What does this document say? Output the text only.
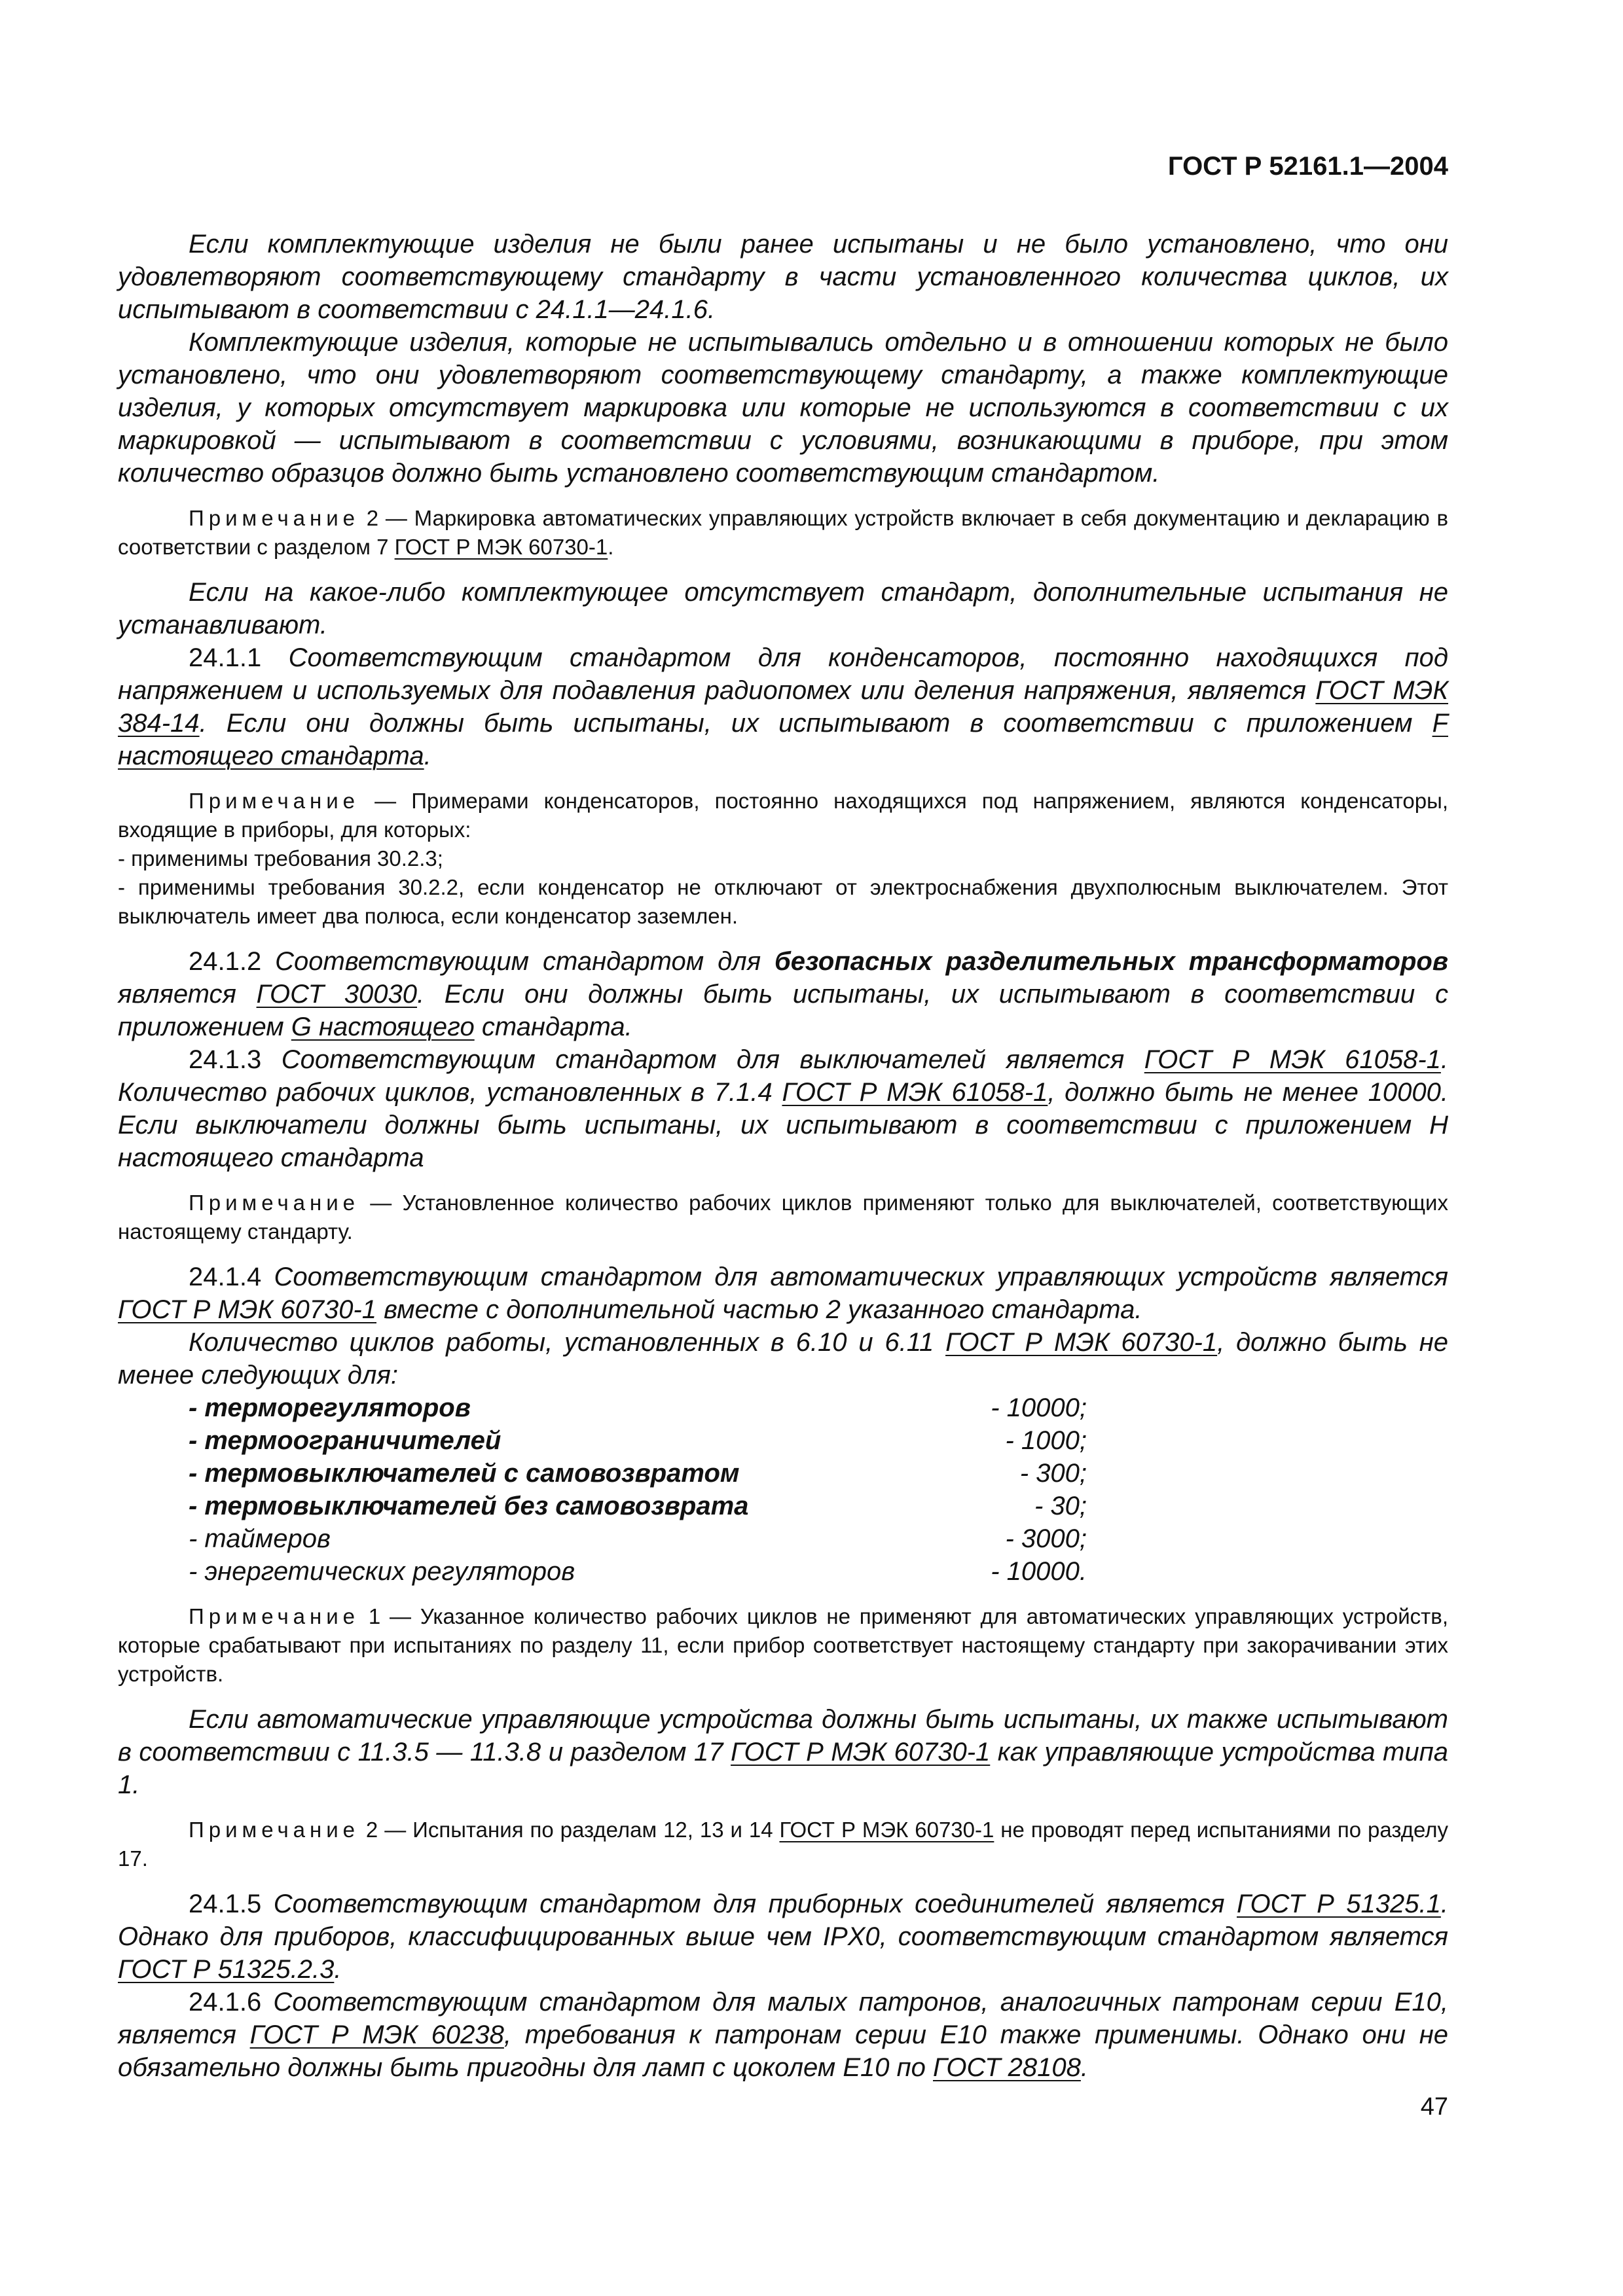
ГОСТ Р 52161.1—2004

Если комплектующие изделия не были ранее испытаны и не было установлено, что они удовлетворяют соответствующему стандарту в части установленного количества циклов, их испытывают в соответствии с 24.1.1—24.1.6.

Комплектующие изделия, которые не испытывались отдельно и в отношении которых не было установлено, что они удовлетворяют соответствующему стандарту, а также комплектующие изделия, у которых отсутствует маркировка или которые не используются в соответствии с их маркировкой — испытывают в соответствии с условиями, возникающими в приборе, при этом количество образцов должно быть установлено соответствующим стандартом.

Примечание 2 — Маркировка автоматических управляющих устройств включает в себя документацию и декларацию в соответствии с разделом 7 ГОСТ Р МЭК 60730-1.

Если на какое-либо комплектующее отсутствует стандарт, дополнительные испытания не устанавливают.

24.1.1 Соответствующим стандартом для конденсаторов, постоянно находящихся под напряжением и используемых для подавления радиопомех или деления напряжения, является ГОСТ МЭК 384-14. Если они должны быть испытаны, их испытывают в соответствии с приложением F настоящего стандарта.

Примечание — Примерами конденсаторов, постоянно находящихся под напряжением, являются конденсаторы, входящие в приборы, для которых:

- применимы требования 30.2.3;

- применимы требования 30.2.2, если конденсатор не отключают от электроснабжения двухполюсным выключателем. Этот выключатель имеет два полюса, если конденсатор заземлен.

24.1.2 Соответствующим стандартом для безопасных разделительных трансформаторов является ГОСТ 30030. Если они должны быть испытаны, их испытывают в соответствии с приложением G настоящего стандарта.

24.1.3 Соответствующим стандартом для выключателей является ГОСТ Р МЭК 61058-1. Количество рабочих циклов, установленных в 7.1.4 ГОСТ Р МЭК 61058-1, должно быть не менее 10000. Если выключатели должны быть испытаны, их испытывают в соответствии с приложением Н настоящего стандарта

Примечание — Установленное количество рабочих циклов применяют только для выключателей, соответствующих настоящему стандарту.

24.1.4 Соответствующим стандартом для автоматических управляющих устройств является ГОСТ Р МЭК 60730-1 вместе с дополнительной частью 2 указанного стандарта.

Количество циклов работы, установленных в 6.10 и 6.11 ГОСТ Р МЭК 60730-1, должно быть не менее следующих для:

- терморегуляторов	- 10000;
- термоограничителей	- 1000;
- термовыключателей с самовозвратом	- 300;
- термовыключателей без самовозврата	- 30;
- таймеров	- 3000;
- энергетических регуляторов	- 10000.

Примечание 1 — Указанное количество рабочих циклов не применяют для автоматических управляющих устройств, которые срабатывают при испытаниях по разделу 11, если прибор соответствует настоящему стандарту при закорачивании этих устройств.

Если автоматические управляющие устройства должны быть испытаны, их также испытывают в соответствии с 11.3.5 — 11.3.8 и разделом 17 ГОСТ Р МЭК 60730-1 как управляющие устройства типа 1.

Примечание 2 — Испытания по разделам 12, 13 и 14 ГОСТ Р МЭК 60730-1 не проводят перед испытаниями по разделу 17.

24.1.5 Соответствующим стандартом для приборных соединителей является ГОСТ Р 51325.1. Однако для приборов, классифицированных выше чем IPX0, соответствующим стандартом является ГОСТ Р 51325.2.3.

24.1.6 Соответствующим стандартом для малых патронов, аналогичных патронам серии Е10, является ГОСТ Р МЭК 60238, требования к патронам серии Е10 также применимы. Однако они не обязательно должны быть пригодны для ламп с цоколем Е10 по ГОСТ 28108.

47
